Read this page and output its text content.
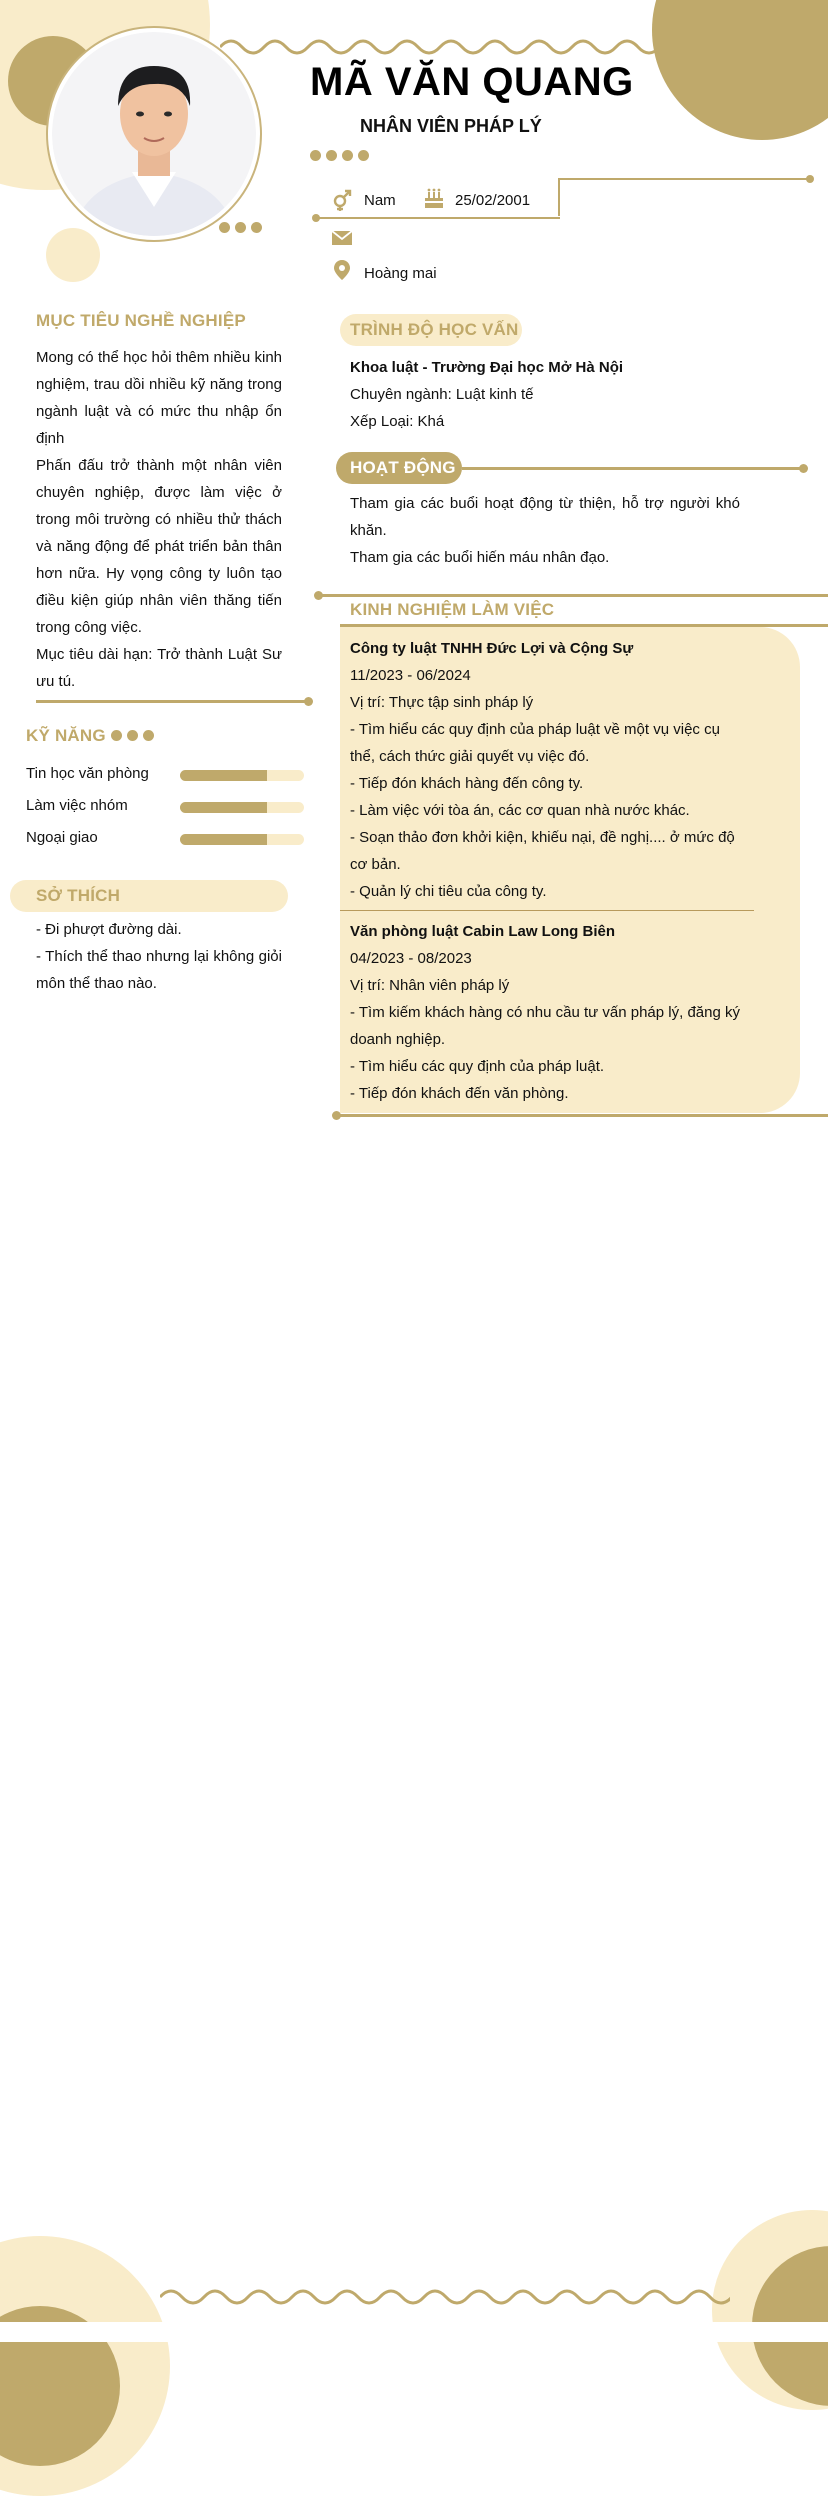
MÃ VĂN QUANG
NHÂN VIÊN PHÁP LÝ
Nam	25/02/2001
Hoàng mai
MỤC TIÊU NGHỀ NGHIỆP

Mong có thể học hỏi thêm nhiều kinh nghiệm, trau dồi nhiều kỹ năng trong ngành luật và có mức thu nhập ổn định

Phấn đấu trở thành một nhân viên chuyên nghiệp, được làm việc ở trong môi trường có nhiều thử thách và năng động để phát triển bản thân hơn nữa. Hy vọng công ty luôn tạo điều kiện giúp nhân viên thăng tiến trong công việc.

Mục tiêu dài hạn: Trở thành Luật Sư ưu tú.

KỸ NĂNG
Tin học văn phòng
Làm việc nhóm
Ngoại giao
SỞ THÍCH

- Đi phượt đường dài.

- Thích thể thao nhưng lại không giỏi môn thể thao nào.

TRÌNH ĐỘ HỌC VẤN

Khoa luật - Trường Đại học Mở Hà Nội

Chuyên ngành: Luật kinh tế

Xếp Loại: Khá

HOẠT ĐỘNG

Tham gia các buổi hoạt động từ thiện, hỗ trợ người khó khăn.

Tham gia các buổi hiến máu nhân đạo.

KINH NGHIỆM LÀM VIỆC

Công ty luật TNHH Đức Lợi và Cộng Sự

11/2023 - 06/2024

Vị trí: Thực tập sinh pháp lý

- Tìm hiểu các quy định của pháp luật về một vụ việc cụ thể, cách thức giải quyết vụ việc đó.

- Tiếp đón khách hàng đến công ty.

- Làm việc với tòa án, các cơ quan nhà nước khác.

- Soạn thảo đơn khởi kiện, khiếu nại, đề nghị.... ở mức độ cơ bản.

- Quản lý chi tiêu của công ty.

Văn phòng luật Cabin Law Long Biên

04/2023 - 08/2023

Vị trí: Nhân viên pháp lý

- Tìm kiếm khách hàng có nhu cầu tư vấn pháp lý, đăng ký doanh nghiệp.

- Tìm hiểu các quy định của pháp luật.

- Tiếp đón khách đến văn phòng.
